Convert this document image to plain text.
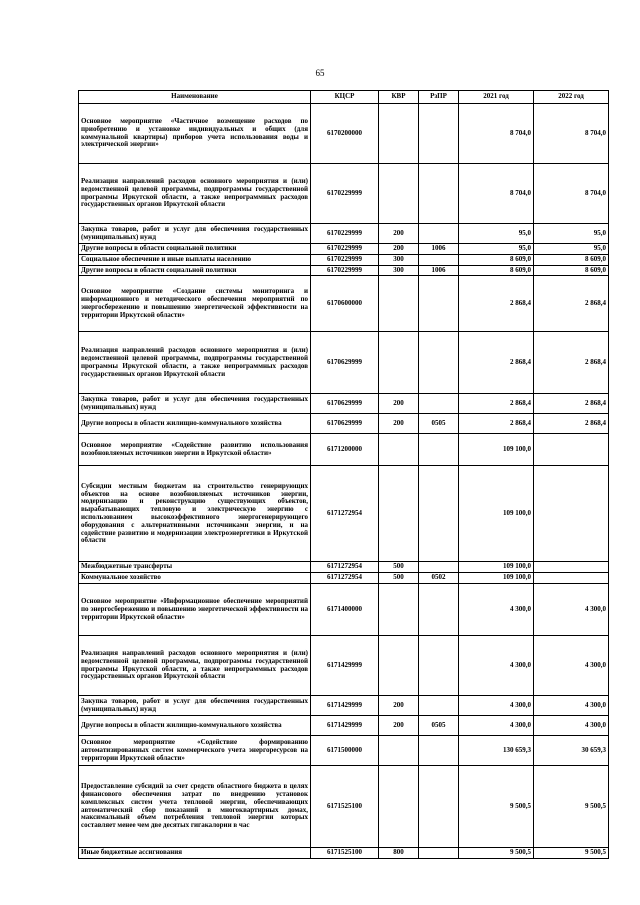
65
Наименование	КЦСР	КВР	РзПР	2021 год	2022 год
Основное мероприятие «Частичное возмещение расходов по приобретению и установке индивидуальных и общих (для коммунальной квартиры) приборов учета использования воды и электрической энергии»	6170200000			8 704,0	8 704,0
Реализация направлений расходов основного мероприятия и (или) ведомственной целевой программы, подпрограммы государственной программы Иркутской области, а также непрограммных расходов государственных органов Иркутской области	6170229999			8 704,0	8 704,0
Закупка товаров, работ и услуг для обеспечения государственных (муниципальных) нужд	6170229999	200		95,0	95,0
Другие вопросы в области социальной политики	6170229999	200	1006	95,0	95,0
Социальное обеспечение и иные выплаты населению	6170229999	300		8 609,0	8 609,0
Другие вопросы в области социальной политики	6170229999	300	1006	8 609,0	8 609,0
Основное мероприятие «Создание системы мониторинга и информационного и методического обеспечения мероприятий по энергосбережению и повышению энергетической эффективности на территории Иркутской области»	6170600000			2 868,4	2 868,4
Реализация направлений расходов основного мероприятия и (или) ведомственной целевой программы, подпрограммы государственной программы Иркутской области, а также непрограммных расходов государственных органов Иркутской области	6170629999			2 868,4	2 868,4
Закупка товаров, работ и услуг для обеспечения государственных (муниципальных) нужд	6170629999	200		2 868,4	2 868,4
Другие вопросы в области жилищно-коммунального хозяйства	6170629999	200	0505	2 868,4	2 868,4
Основное мероприятие «Содействие развитию использования возобновляемых источников энергии в Иркутской области»	6171200000			109 100,0	
Субсидии местным бюджетам на строительство генерирующих объектов на основе возобновляемых источников энергии, модернизацию и реконструкцию существующих объектов, вырабатывающих тепловую и электрическую энергию с использованием высокоэффективного энергогенерирующего оборудования с альтернативными источниками энергии, и на содействие развитию и модернизации электроэнергетики в Иркутской области	6171272954			109 100,0	
Межбюджетные трансферты	6171272954	500		109 100,0	
Коммунальное хозяйство	6171272954	500	0502	109 100,0	
Основное мероприятие «Информационное обеспечение мероприятий по энергосбережению и повышению энергетической эффективности на территории Иркутской области»	6171400000			4 300,0	4 300,0
Реализация направлений расходов основного мероприятия и (или) ведомственной целевой программы, подпрограммы государственной программы Иркутской области, а также непрограммных расходов государственных органов Иркутской области	6171429999			4 300,0	4 300,0
Закупка товаров, работ и услуг для обеспечения государственных (муниципальных) нужд	6171429999	200		4 300,0	4 300,0
Другие вопросы в области жилищно-коммунального хозяйства	6171429999	200	0505	4 300,0	4 300,0
Основное мероприятие «Содействие формированию автоматизированных систем коммерческого учета энергоресурсов на территории Иркутской области»	6171500000			130 659,3	30 659,3
Предоставление субсидий за счет средств областного бюджета в целях финансового обеспечения затрат по внедрению установок комплексных систем учета тепловой энергии, обеспечивающих автоматический сбор показаний в многоквартирных домах, максимальный объем потребления тепловой энергии которых составляет менее чем две десятых гигакалории в час	6171525100			9 500,5	9 500,5
Иные бюджетные ассигнования	6171525100	800		9 500,5	9 500,5
